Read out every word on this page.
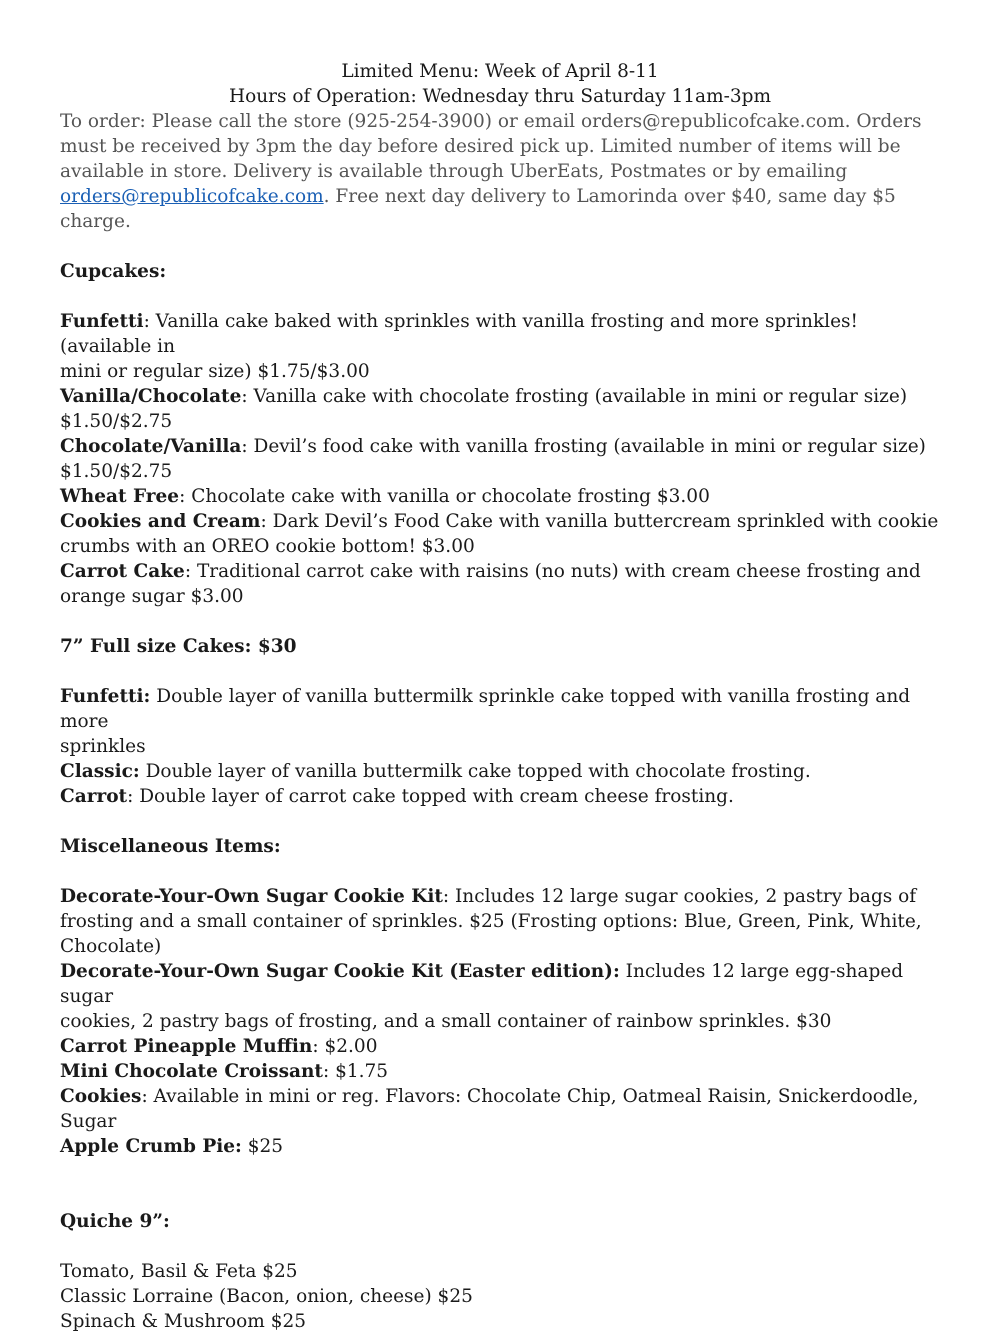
Limited Menu: Week of April 8-11
Hours of Operation: Wednesday thru Saturday 11am-3pm

To order: Please call the store (925-254-3900) or email orders@republicofcake.com. Orders

must be received by 3pm the day before desired pick up. Limited number of items will be

available in store. Delivery is available through UberEats, Postmates or by emailing

orders@republicofcake.com. Free next day delivery to Lamorinda over $40, same day $5 charge.

Cupcakes:

Funfetti: Vanilla cake baked with sprinkles with vanilla frosting and more sprinkles! (available in

mini or regular size) $1.75/$3.00

Vanilla/Chocolate: Vanilla cake with chocolate frosting (available in mini or regular size)

$1.50/$2.75

Chocolate/Vanilla: Devil’s food cake with vanilla frosting (available in mini or regular size)

$1.50/$2.75

Wheat Free: Chocolate cake with vanilla or chocolate frosting $3.00

Cookies and Cream: Dark Devil’s Food Cake with vanilla buttercream sprinkled with cookie

crumbs with an OREO cookie bottom! $3.00

Carrot Cake: Traditional carrot cake with raisins (no nuts) with cream cheese frosting and

orange sugar $3.00

7” Full size Cakes: $30

Funfetti: Double layer of vanilla buttermilk sprinkle cake topped with vanilla frosting and more

sprinkles

Classic: Double layer of vanilla buttermilk cake topped with chocolate frosting.

Carrot: Double layer of carrot cake topped with cream cheese frosting.

Miscellaneous Items:

Decorate-Your-Own Sugar Cookie Kit: Includes 12 large sugar cookies, 2 pastry bags of

frosting and a small container of sprinkles. $25 (Frosting options: Blue, Green, Pink, White,

Chocolate)

Decorate-Your-Own Sugar Cookie Kit (Easter edition): Includes 12 large egg-shaped sugar

cookies, 2 pastry bags of frosting, and a small container of rainbow sprinkles. $30

Carrot Pineapple Muffin: $2.00

Mini Chocolate Croissant: $1.75

Cookies: Available in mini or reg. Flavors: Chocolate Chip, Oatmeal Raisin, Snickerdoodle, Sugar

Apple Crumb Pie: $25

Quiche 9”:

Tomato, Basil & Feta $25

Classic Lorraine (Bacon, onion, cheese) $25

Spinach & Mushroom $25
